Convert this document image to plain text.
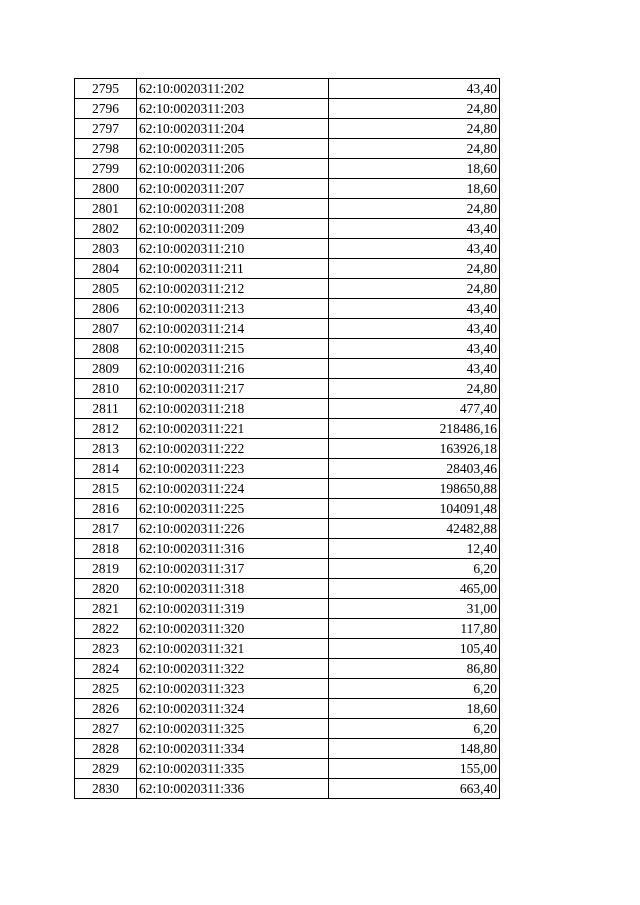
2795	62:10:0020311:202	43,40
2796	62:10:0020311:203	24,80
2797	62:10:0020311:204	24,80
2798	62:10:0020311:205	24,80
2799	62:10:0020311:206	18,60
2800	62:10:0020311:207	18,60
2801	62:10:0020311:208	24,80
2802	62:10:0020311:209	43,40
2803	62:10:0020311:210	43,40
2804	62:10:0020311:211	24,80
2805	62:10:0020311:212	24,80
2806	62:10:0020311:213	43,40
2807	62:10:0020311:214	43,40
2808	62:10:0020311:215	43,40
2809	62:10:0020311:216	43,40
2810	62:10:0020311:217	24,80
2811	62:10:0020311:218	477,40
2812	62:10:0020311:221	218486,16
2813	62:10:0020311:222	163926,18
2814	62:10:0020311:223	28403,46
2815	62:10:0020311:224	198650,88
2816	62:10:0020311:225	104091,48
2817	62:10:0020311:226	42482,88
2818	62:10:0020311:316	12,40
2819	62:10:0020311:317	6,20
2820	62:10:0020311:318	465,00
2821	62:10:0020311:319	31,00
2822	62:10:0020311:320	117,80
2823	62:10:0020311:321	105,40
2824	62:10:0020311:322	86,80
2825	62:10:0020311:323	6,20
2826	62:10:0020311:324	18,60
2827	62:10:0020311:325	6,20
2828	62:10:0020311:334	148,80
2829	62:10:0020311:335	155,00
2830	62:10:0020311:336	663,40
